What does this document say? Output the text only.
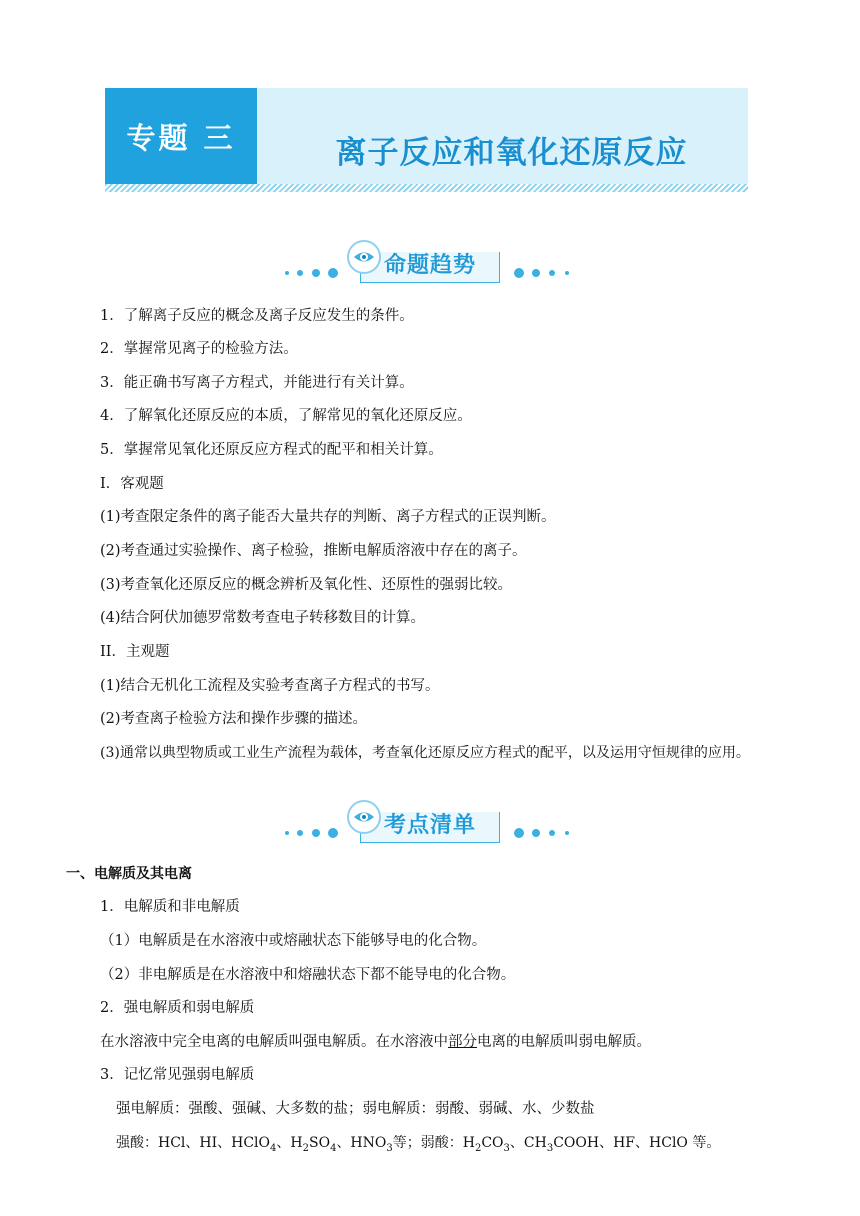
专题 三	离子反应和氧化还原反应
命题趋势
1．了解离子反应的概念及离子反应发生的条件。
2．掌握常见离子的检验方法。
3．能正确书写离子方程式，并能进行有关计算。
4．了解氧化还原反应的本质，了解常见的氧化还原反应。
5．掌握常见氧化还原反应方程式的配平和相关计算。
I．客观题
(1)考查限定条件的离子能否大量共存的判断、离子方程式的正误判断。
(2)考查通过实验操作、离子检验，推断电解质溶液中存在的离子。
(3)考查氧化还原反应的概念辨析及氧化性、还原性的强弱比较。
(4)结合阿伏加德罗常数考查电子转移数目的计算。
II．主观题
(1)结合无机化工流程及实验考查离子方程式的书写。
(2)考查离子检验方法和操作步骤的描述。
(3)通常以典型物质或工业生产流程为载体，考查氧化还原反应方程式的配平，以及运用守恒规律的应用。
考点清单
一、电解质及其电离
1．电解质和非电解质
（1）电解质是在水溶液中或熔融状态下能够导电的化合物。
（2）非电解质是在水溶液中和熔融状态下都不能导电的化合物。
2．强电解质和弱电解质
在水溶液中完全电离的电解质叫强电解质。在水溶液中部分电离的电解质叫弱电解质。
3．记忆常见强弱电解质
强电解质：强酸、强碱、大多数的盐；弱电解质：弱酸、弱碱、水、少数盐
强酸：HCl、HI、HClO$_4$、$H_2SO_4$、$HNO_3$等；弱酸：$H_2CO_3$、$CH_3COOH$、HF、HClO 等。
